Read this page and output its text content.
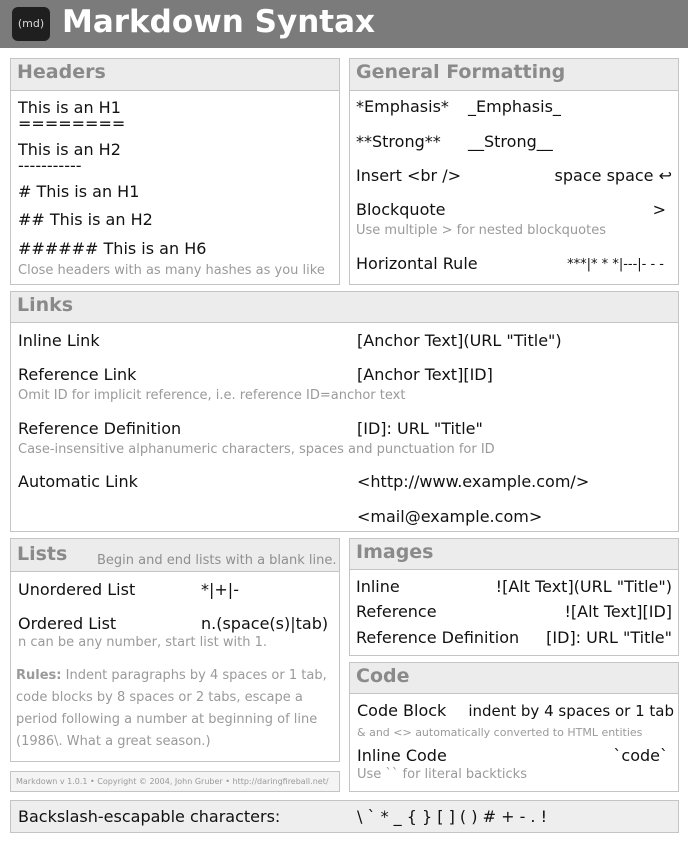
(md) Markdown Syntax
Headers
This is an H1
========
This is an H2
-----------
# This is an H1
## This is an H2
###### This is an H6
Close headers with as many hashes as you like
General Formatting
*Emphasis* _Emphasis_
**Strong** __Strong__
Insert <br />	space space ↩
Blockquote	>
Use multiple > for nested blockquotes
Horizontal Rule	***|* * *|---|- - -
Links
Inline Link	[Anchor Text](URL "Title")
Reference Link	[Anchor Text][ID]
Omit ID for implicit reference, i.e. reference ID=anchor text
Reference Definition	[ID]: URL "Title"
Case-insensitive alphanumeric characters, spaces and punctuation for ID
Automatic Link	<http://www.example.com/>
<mail@example.com>
Lists Begin and end lists with a blank line.
Unordered List	*|+|-
Ordered List	n.(space(s)|tab)
n can be any number, start list with 1.
Rules: Indent paragraphs by 4 spaces or 1 tab,
code blocks by 8 spaces or 2 tabs, escape a
period following a number at beginning of line
(1986\. What a great season.)
Markdown v 1.0.1 • Copyright © 2004, John Gruber • http://daringfireball.net/
Images
Inline	![Alt Text](URL "Title")
Reference	![Alt Text][ID]
Reference Definition [ID]: URL "Title"
Code
Code Block indent by 4 spaces or 1 tab
& and <> automatically converted to HTML entities
Inline Code	`code`
Use `` for literal backticks
Backslash-escapable characters:	\ ` * _ { } [ ] ( ) # + - . !
